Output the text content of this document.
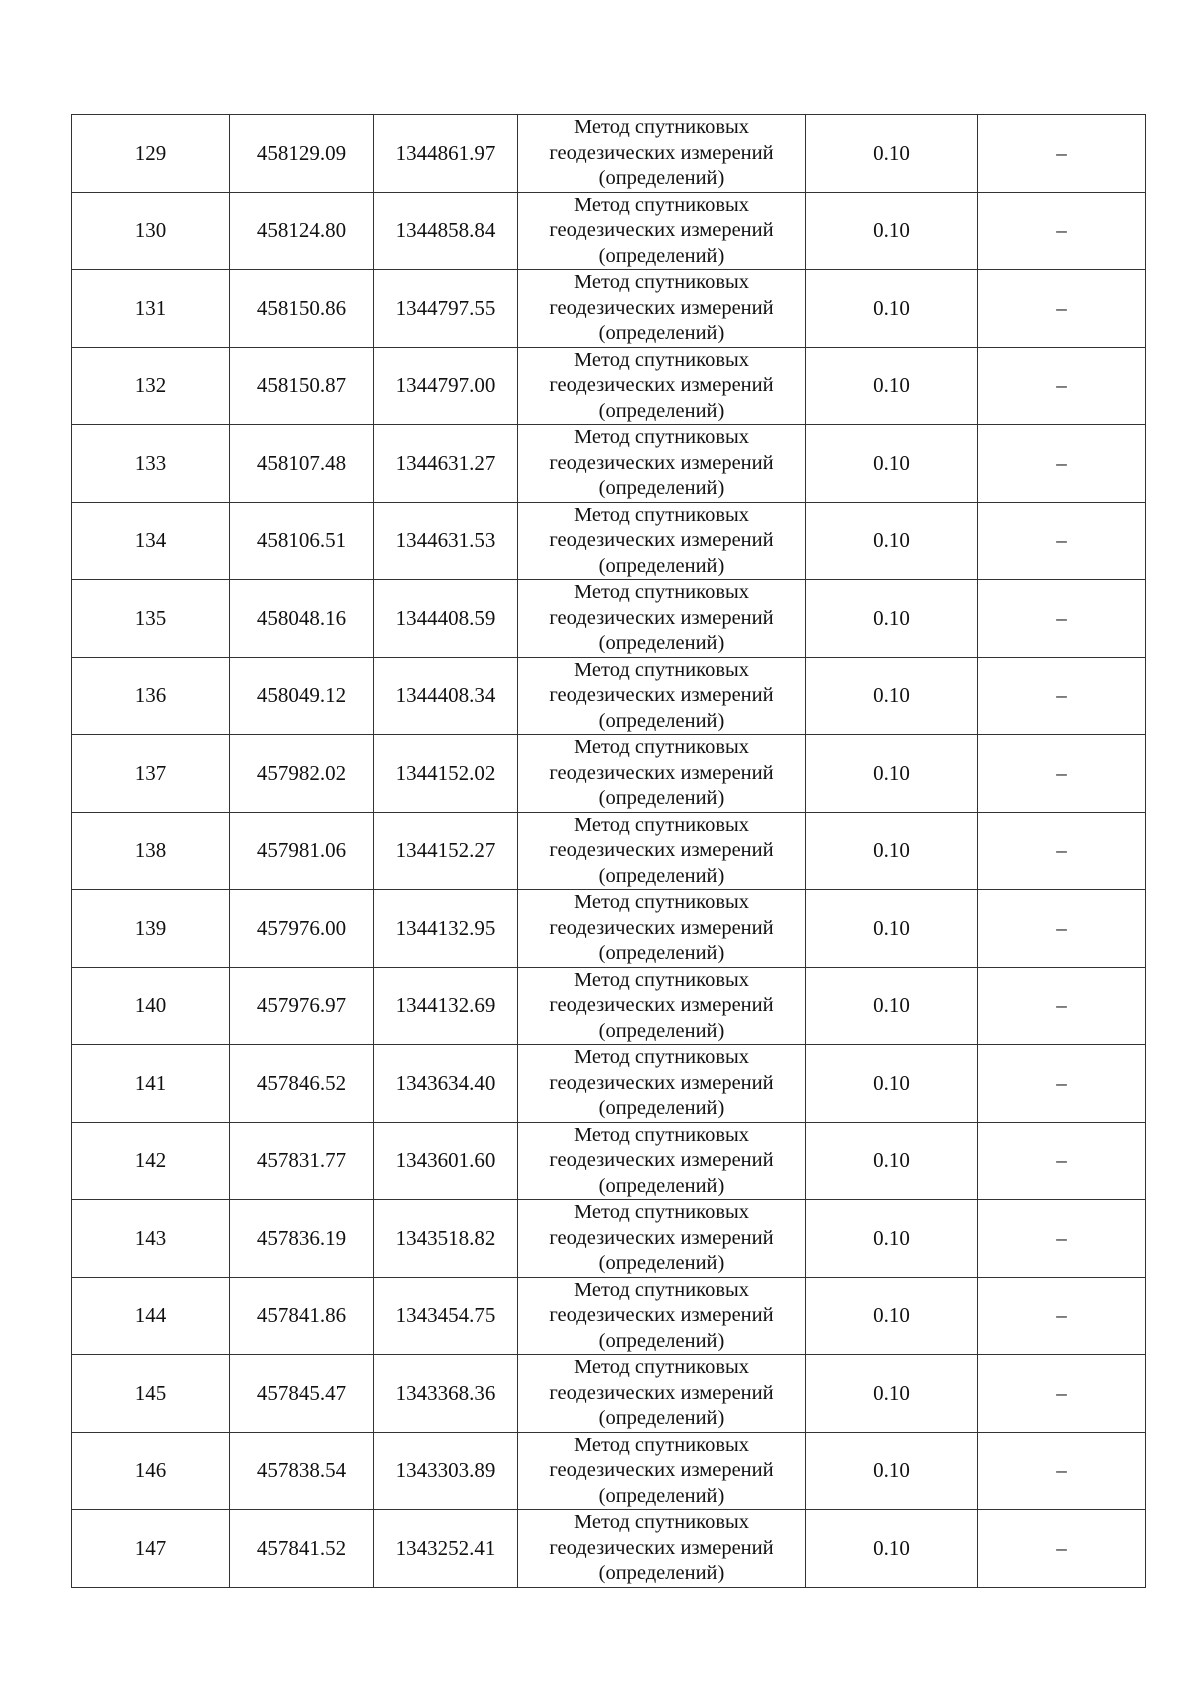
129	458129.09	1344861.97	Метод спутниковых
геодезических измерений
(определений)	0.10	–
130	458124.80	1344858.84	Метод спутниковых
геодезических измерений
(определений)	0.10	–
131	458150.86	1344797.55	Метод спутниковых
геодезических измерений
(определений)	0.10	–
132	458150.87	1344797.00	Метод спутниковых
геодезических измерений
(определений)	0.10	–
133	458107.48	1344631.27	Метод спутниковых
геодезических измерений
(определений)	0.10	–
134	458106.51	1344631.53	Метод спутниковых
геодезических измерений
(определений)	0.10	–
135	458048.16	1344408.59	Метод спутниковых
геодезических измерений
(определений)	0.10	–
136	458049.12	1344408.34	Метод спутниковых
геодезических измерений
(определений)	0.10	–
137	457982.02	1344152.02	Метод спутниковых
геодезических измерений
(определений)	0.10	–
138	457981.06	1344152.27	Метод спутниковых
геодезических измерений
(определений)	0.10	–
139	457976.00	1344132.95	Метод спутниковых
геодезических измерений
(определений)	0.10	–
140	457976.97	1344132.69	Метод спутниковых
геодезических измерений
(определений)	0.10	–
141	457846.52	1343634.40	Метод спутниковых
геодезических измерений
(определений)	0.10	–
142	457831.77	1343601.60	Метод спутниковых
геодезических измерений
(определений)	0.10	–
143	457836.19	1343518.82	Метод спутниковых
геодезических измерений
(определений)	0.10	–
144	457841.86	1343454.75	Метод спутниковых
геодезических измерений
(определений)	0.10	–
145	457845.47	1343368.36	Метод спутниковых
геодезических измерений
(определений)	0.10	–
146	457838.54	1343303.89	Метод спутниковых
геодезических измерений
(определений)	0.10	–
147	457841.52	1343252.41	Метод спутниковых
геодезических измерений
(определений)	0.10	–
